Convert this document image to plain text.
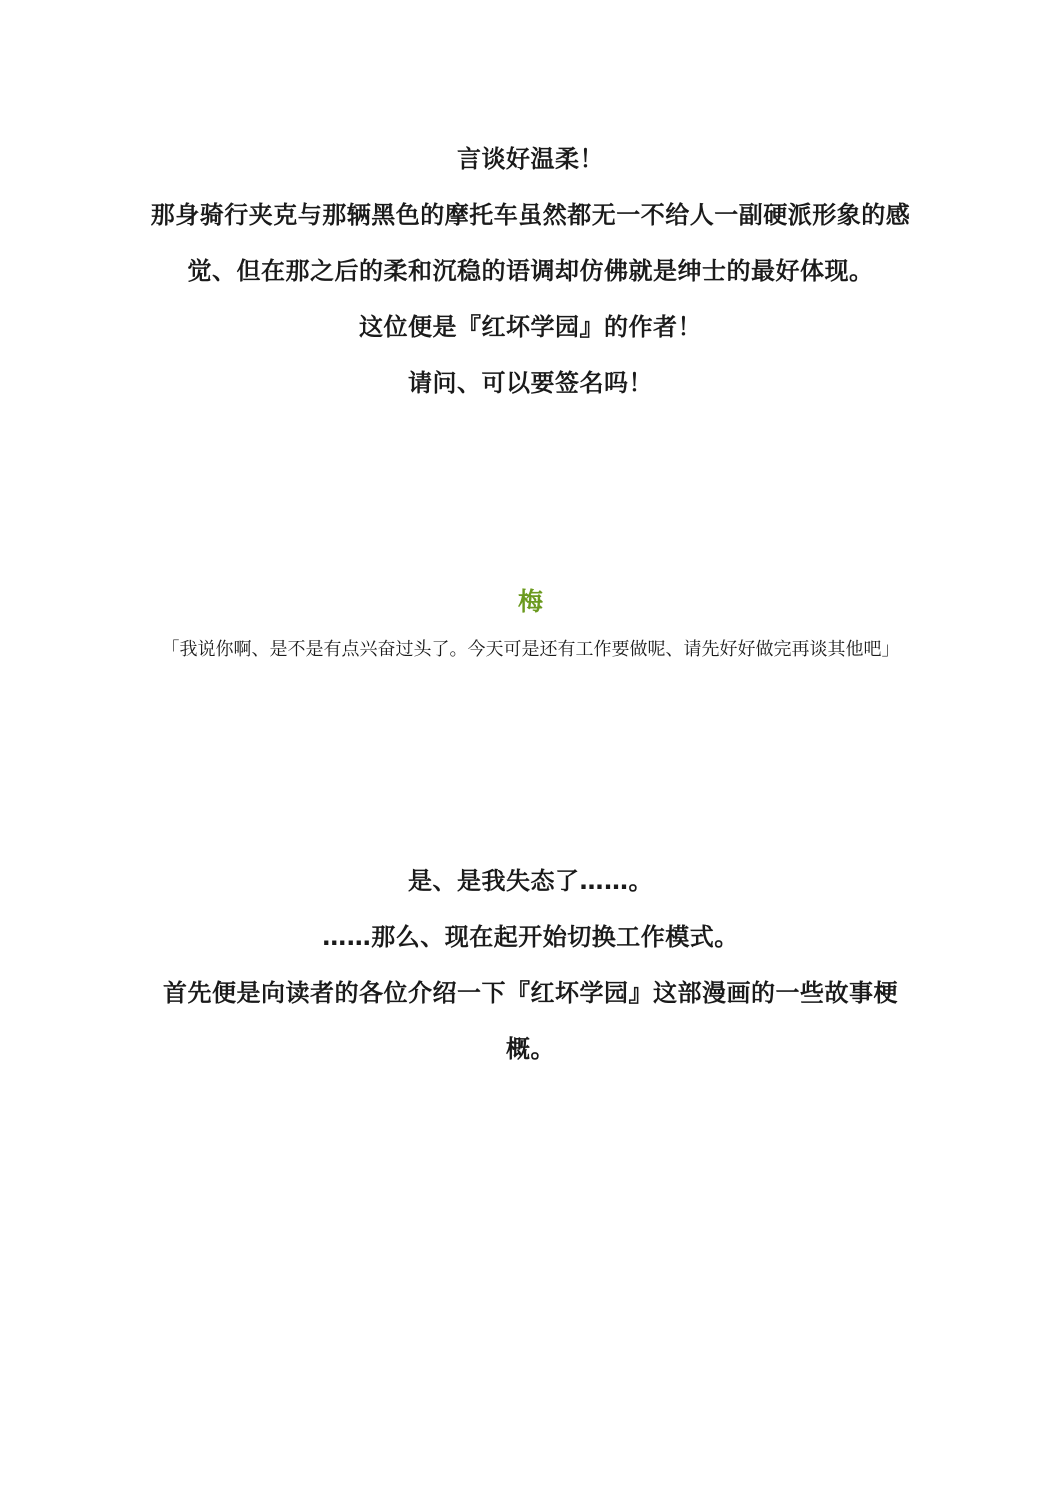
言谈好温柔！

那身骑行夹克与那辆黑色的摩托车虽然都无一不给人一副硬派形象的感觉、但在那之后的柔和沉稳的语调却仿佛就是绅士的最好体现。

这位便是『红坏学园』的作者！

请问、可以要签名吗！

梅

「我说你啊、是不是有点兴奋过头了。今天可是还有工作要做呢、请先好好做完再谈其他吧」

是、是我失态了……。

……那么、现在起开始切换工作模式。

首先便是向读者的各位介绍一下『红坏学园』这部漫画的一些故事梗概。
